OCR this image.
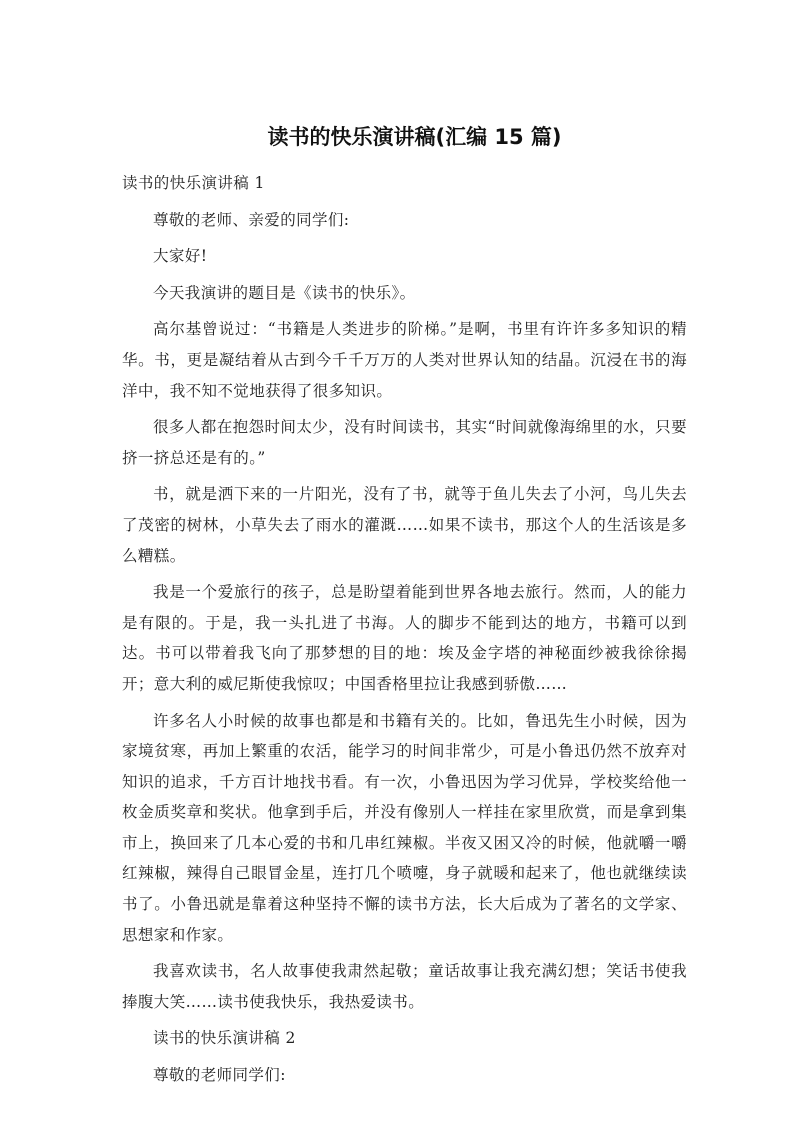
读书的快乐演讲稿(汇编 15 篇)

读书的快乐演讲稿 1

尊敬的老师、亲爱的同学们:

大家好!

今天我演讲的题目是《读书的快乐》。

高尔基曾说过：“书籍是人类进步的阶梯。”是啊，书里有许许多多知识的精华。书，更是凝结着从古到今千千万万的人类对世界认知的结晶。沉浸在书的海洋中，我不知不觉地获得了很多知识。

很多人都在抱怨时间太少，没有时间读书，其实“时间就像海绵里的水，只要挤一挤总还是有的。”

书，就是洒下来的一片阳光，没有了书，就等于鱼儿失去了小河，鸟儿失去了茂密的树林，小草失去了雨水的灌溉……如果不读书，那这个人的生活该是多么糟糕。

我是一个爱旅行的孩子，总是盼望着能到世界各地去旅行。然而，人的能力是有限的。于是，我一头扎进了书海。人的脚步不能到达的地方，书籍可以到达。书可以带着我飞向了那梦想的目的地：埃及金字塔的神秘面纱被我徐徐揭开；意大利的威尼斯使我惊叹；中国香格里拉让我感到骄傲……

许多名人小时候的故事也都是和书籍有关的。比如，鲁迅先生小时候，因为家境贫寒，再加上繁重的农活，能学习的时间非常少，可是小鲁迅仍然不放弃对知识的追求，千方百计地找书看。有一次，小鲁迅因为学习优异，学校奖给他一枚金质奖章和奖状。他拿到手后，并没有像别人一样挂在家里欣赏，而是拿到集市上，换回来了几本心爱的书和几串红辣椒。半夜又困又冷的时候，他就嚼一嚼红辣椒，辣得自己眼冒金星，连打几个喷嚏，身子就暖和起来了，他也就继续读书了。小鲁迅就是靠着这种坚持不懈的读书方法，长大后成为了著名的文学家、思想家和作家。

我喜欢读书，名人故事使我肃然起敬；童话故事让我充满幻想；笑话书使我捧腹大笑……读书使我快乐，我热爱读书。

读书的快乐演讲稿 2

尊敬的老师同学们:
